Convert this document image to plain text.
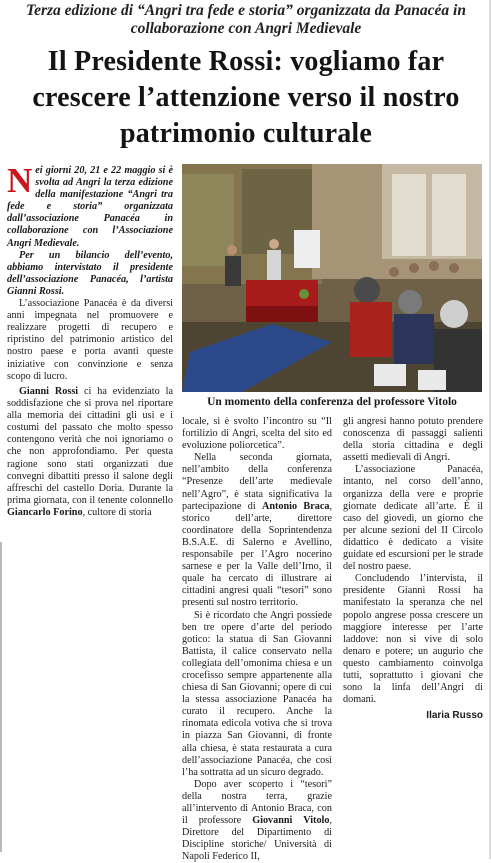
Terza edizione di “Angri tra fede e storia” organizzata da Panacéa in collaborazione con Angri Medievale
Il Presidente Rossi: vogliamo far crescere l’attenzione verso il nostro patrimonio culturale

Nei giorni 20, 21 e 22 maggio si è svolta ad Angri la terza edizione della manifestazione “Angri tra fede e storia” organizzata dall’associazione Panacéa in collaborazione con l’Associazione Angri Medievale.

Per un bilancio dell’evento, abbiamo intervistato il presidente dell’associazione Panacéa, l’artista Gianni Rossi.

L’associazione Panacéa è da diversi anni impegnata nel promuovere e realizzare progetti di recupero e ripristino del patrimonio artistico del nostro paese e porta avanti queste iniziative con convinzione e senza scopo di lucro.

Gianni Rossi ci ha evidenziato la soddisfazione che si prova nel riportare alla memoria dei cittadini gli usi e i costumi del passato che molto spesso contengono verità che noi ignoriamo o che non approfondiamo. Per questa ragione sono stati organizzati due convegni dibattiti presso il salone degli affreschi del castello Doria. Durante la prima giornata, con il tenente colonnello Giancarlo Forino, cultore di storia

Un momento della conferenza del professore Vitolo

locale, si è svolto l’incontro su “Il fortilizio di Angri, scelta del sito ed evoluzione poliorcetica”.

Nella seconda giornata, nell’ambito della conferenza “Presenze dell’arte medievale nell’Agro”, è stata significativa la partecipazione di Antonio Braca, storico dell’arte, direttore coordinatore della Soprintendenza B.S.A.E. di Salerno e Avellino, responsabile per l’Agro nocerino sarnese e per la Valle dell’Irno, il quale ha cercato di illustrare ai cittadini angresi quali “tesori” sono presenti sul nostro territorio.

Si è ricordato che Angri possiede ben tre opere d’arte del periodo gotico: la statua di San Giovanni Battista, il calice conservato nella collegiata dell’omonima chiesa e un crocefisso sempre appartenente alla chiesa di San Giovanni; opere di cui la stessa associazione Panacéa ha curato il recupero. Anche la rinomata edicola votiva che si trova in piazza San Giovanni, di fronte alla chiesa, è stata restaurata a cura dell’associazione Panacéa, che così l’ha sottratta ad un sicuro degrado.

Dopo aver scoperto i “tesori” della nostra terra, grazie all’intervento di Antonio Braca, con il professore Giovanni Vitolo, Direttore del Dipartimento di Discipline storiche/ Università di Napoli Federico II,

gli angresi hanno potuto prendere conoscenza di passaggi salienti della storia cittadina e degli assetti medievali di Angri.

L’associazione Panacéa, intanto, nel corso dell’anno, organizza della vere e proprie giornate dedicate all’arte. È il caso del giovedì, un giorno che per alcune sezioni del II Circolo didattico è dedicato a visite guidate ed escursioni per le strade del nostro paese.

Concludendo l’intervista, il presidente Gianni Rossi ha manifestato la speranza che nel popolo angrese possa crescere un maggiore interesse per l’arte laddove: non si vive di solo denaro e potere; un augurio che questo cambiamento coinvolga tutti, soprattutto i giovani che sono la linfa dell’Angri di domani.

Ilaria Russo
